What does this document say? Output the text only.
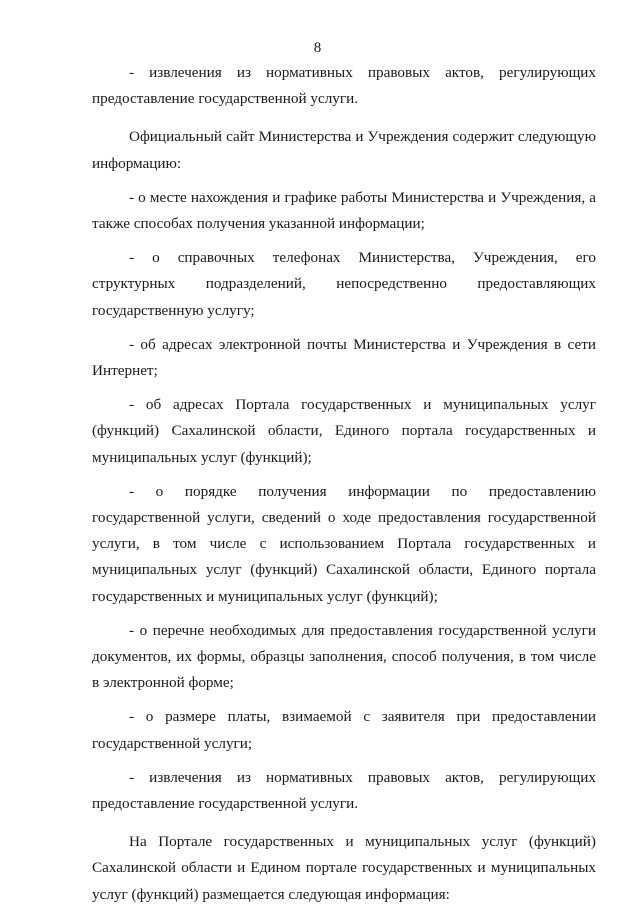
8

- извлечения из нормативных правовых актов, регулирующих предоставление государственной услуги.

Официальный сайт Министерства и Учреждения содержит следующую информацию:

- о месте нахождения и графике работы Министерства и Учреждения, а также способах получения указанной информации;

- о справочных телефонах Министерства, Учреждения, его структурных подразделений, непосредственно предоставляющих государственную услугу;

- об адресах электронной почты Министерства и Учреждения в сети Интернет;

- об адресах Портала государственных и муниципальных услуг (функций) Сахалинской области, Единого портала государственных и муниципальных услуг (функций);

- о порядке получения информации по предоставлению государственной услуги, сведений о ходе предоставления государственной услуги, в том числе с использованием Портала государственных и муниципальных услуг (функций) Сахалинской области, Единого портала государственных и муниципальных услуг (функций);

- о перечне необходимых для предоставления государственной услуги документов, их формы, образцы заполнения, способ получения, в том числе в электронной форме;

- о размере платы, взимаемой с заявителя при предоставлении государственной услуги;

- извлечения из нормативных правовых актов, регулирующих предоставление государственной услуги.

На Портале государственных и муниципальных услуг (функций) Сахалинской области и Едином портале государственных и муниципальных услуг (функций) размещается следующая информация:
